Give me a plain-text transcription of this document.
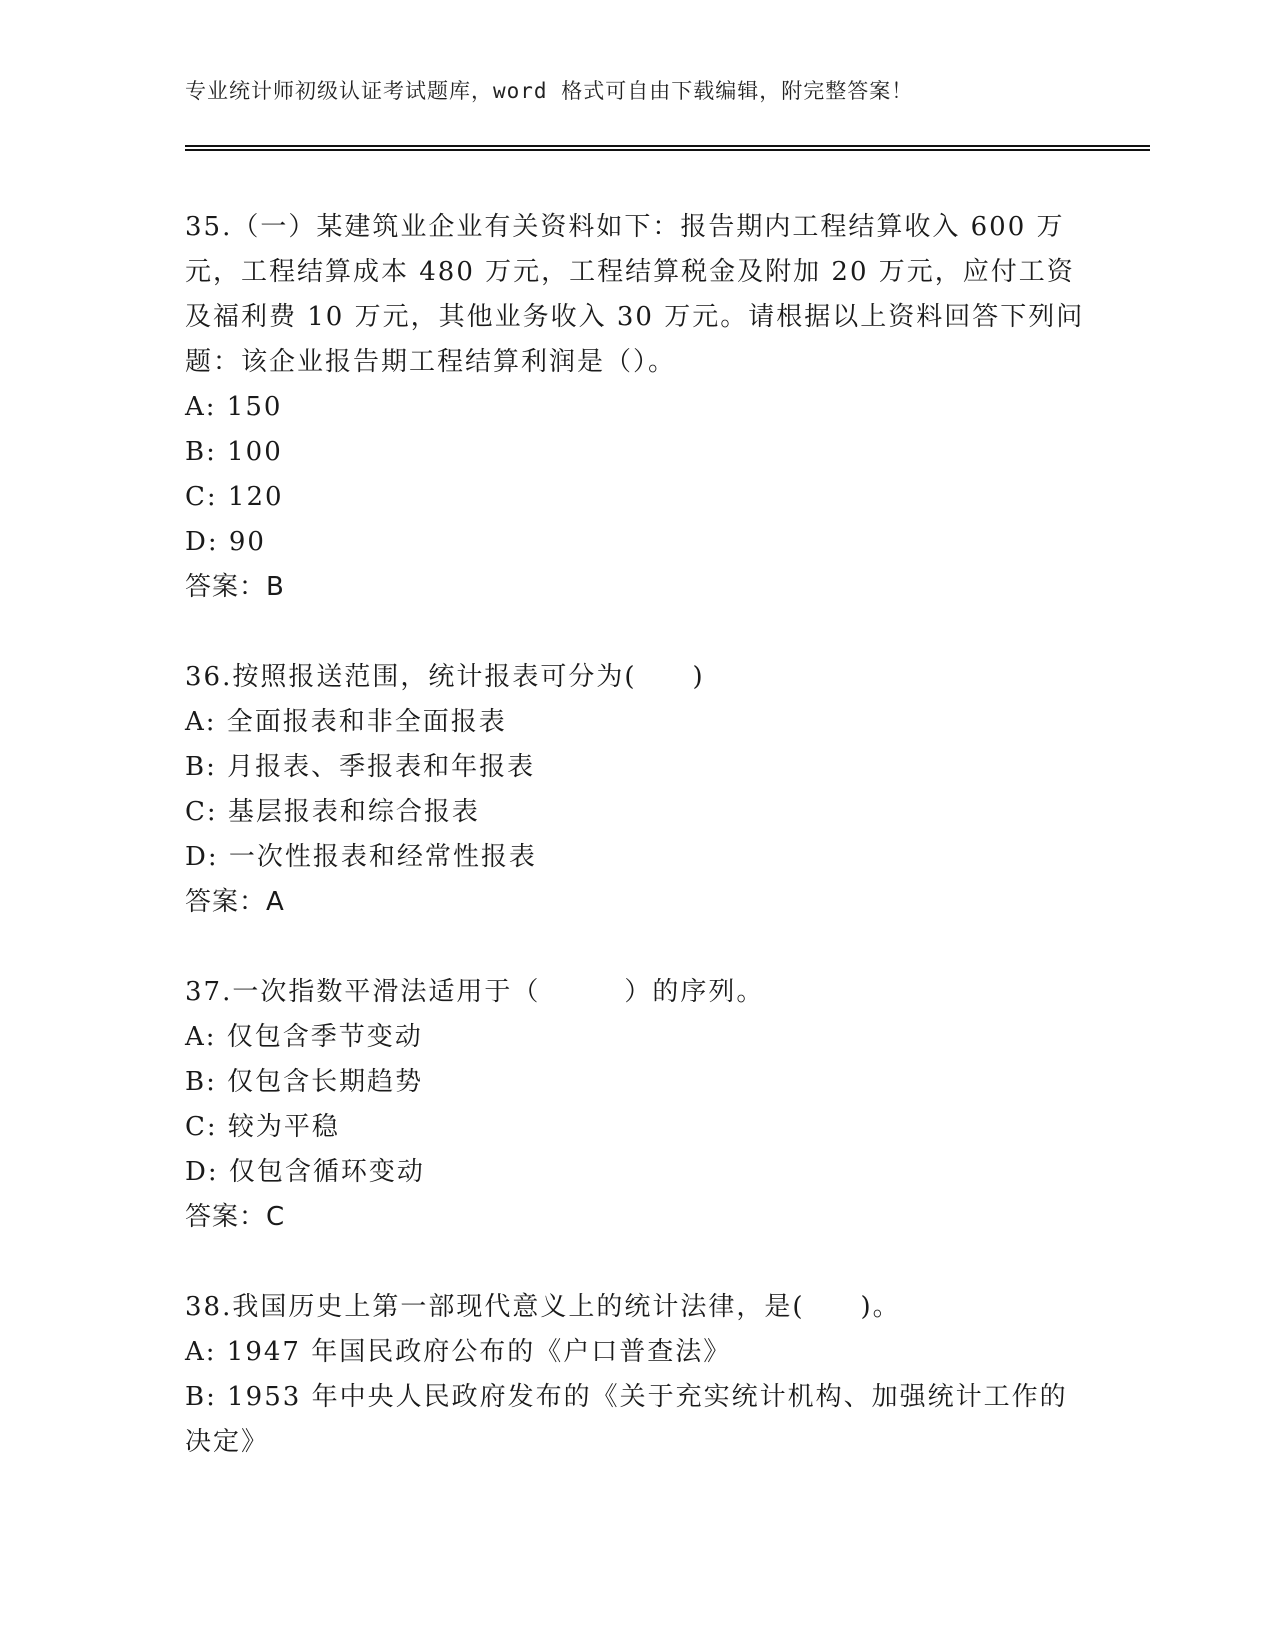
专业统计师初级认证考试题库，word 格式可自由下载编辑，附完整答案！

35.（一）某建筑业企业有关资料如下：报告期内工程结算收入 600 万元，工程结算成本 480 万元，工程结算税金及附加 20 万元，应付工资及福利费 10 万元，其他业务收入 30 万元。请根据以上资料回答下列问题：该企业报告期工程结算利润是（）。

A: 150

B: 100

C: 120

D: 90

答案：B

36.按照报送范围，统计报表可分为(　　)

A: 全面报表和非全面报表

B: 月报表、季报表和年报表

C: 基层报表和综合报表

D: 一次性报表和经常性报表

答案：A

37.一次指数平滑法适用于（　　　）的序列。

A: 仅包含季节变动

B: 仅包含长期趋势

C: 较为平稳

D: 仅包含循环变动

答案：C

38.我国历史上第一部现代意义上的统计法律，是(　　)。

A: 1947 年国民政府公布的《户口普查法》

B: 1953 年中央人民政府发布的《关于充实统计机构、加强统计工作的决定》
